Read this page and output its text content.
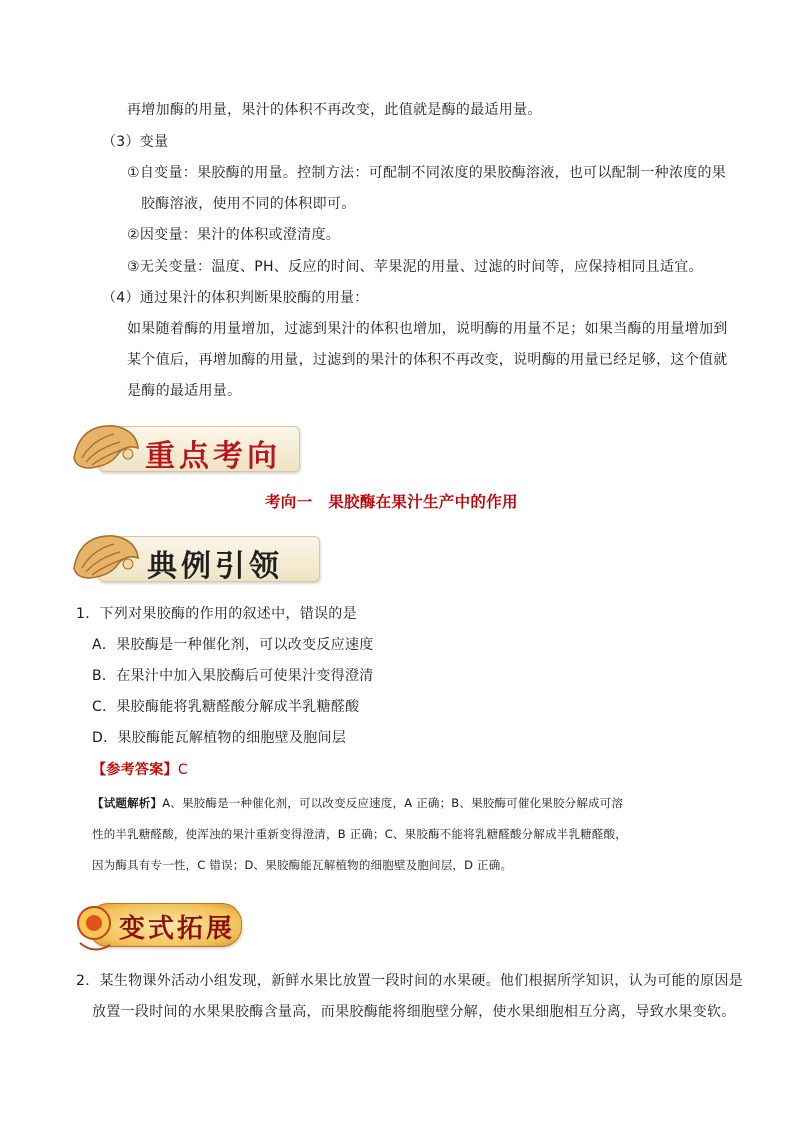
再增加酶的用量，果汁的体积不再改变，此值就是酶的最适用量。
（3）变量
①自变量：果胶酶的用量。控制方法：可配制不同浓度的果胶酶溶液，也可以配制一种浓度的果
胶酶溶液，使用不同的体积即可。
②因变量：果汁的体积或澄清度。
③无关变量：温度、PH、反应的时间、苹果泥的用量、过滤的时间等，应保持相同且适宜。
（4）通过果汁的体积判断果胶酶的用量：
如果随着酶的用量增加，过滤到果汁的体积也增加，说明酶的用量不足；如果当酶的用量增加到
某个值后，再增加酶的用量，过滤到的果汁的体积不再改变，说明酶的用量已经足够，这个值就
是酶的最适用量。
重点考向
考向一　果胶酶在果汁生产中的作用
典例引领
1．下列对果胶酶的作用的叙述中，错误的是
A．果胶酶是一种催化剂，可以改变反应速度
B．在果汁中加入果胶酶后可使果汁变得澄清
C．果胶酶能将乳糖醛酸分解成半乳糖醛酸
D．果胶酶能瓦解植物的细胞壁及胞间层
【参考答案】C
【试题解析】A、果胶酶是一种催化剂，可以改变反应速度，A 正确；B、果胶酶可催化果胶分解成可溶
性的半乳糖醛酸，使浑浊的果汁重新变得澄清，B 正确；C、果胶酶不能将乳糖醛酸分解成半乳糖醛酸，
因为酶具有专一性，C 错误；D、果胶酶能瓦解植物的细胞壁及胞间层，D 正确。
变式拓展
2．某生物课外活动小组发现，新鲜水果比放置一段时间的水果硬。他们根据所学知识，认为可能的原因是
放置一段时间的水果果胶酶含量高，而果胶酶能将细胞壁分解，使水果细胞相互分离，导致水果变软。
